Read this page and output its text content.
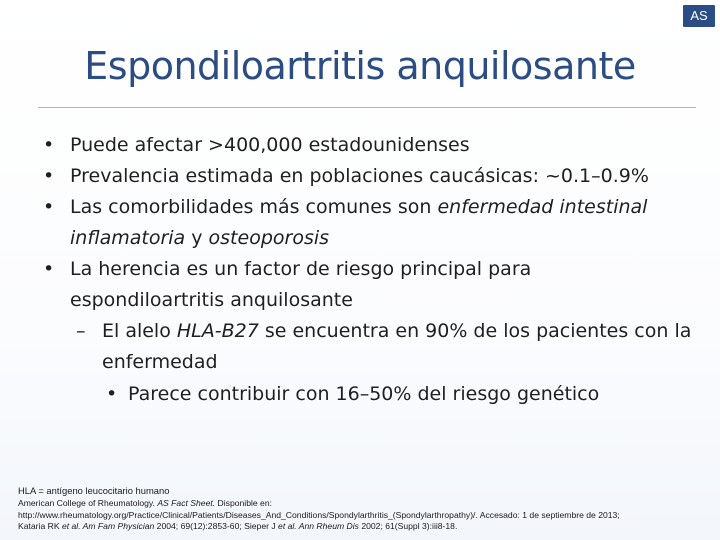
AS
Espondiloartritis anquilosante
• Puede afectar >400,000 estadounidenses
• Prevalencia estimada en poblaciones caucásicas: ~0.1–0.9%
• Las comorbilidades más comunes son enfermedad intestinal
inflamatoria y osteoporosis
• La herencia es un factor de riesgo principal para
espondiloartritis anquilosante
– El alelo HLA-B27 se encuentra en 90% de los pacientes con la
enfermedad
• Parece contribuir con 16–50% del riesgo genético
HLA = antígeno leucocitario humano
American College of Rheumatology. AS Fact Sheet. Disponible en:
http://www.rheumatology.org/Practice/Clinical/Patients/Diseases_And_Conditions/Spondylarthritis_(Spondylarthropathy)/. Accesado: 1 de septiembre de 2013;
Kataria RK et al. Am Fam Physician 2004; 69(12):2853-60; Sieper J et al. Ann Rheum Dis 2002; 61(Suppl 3):iii8-18.
